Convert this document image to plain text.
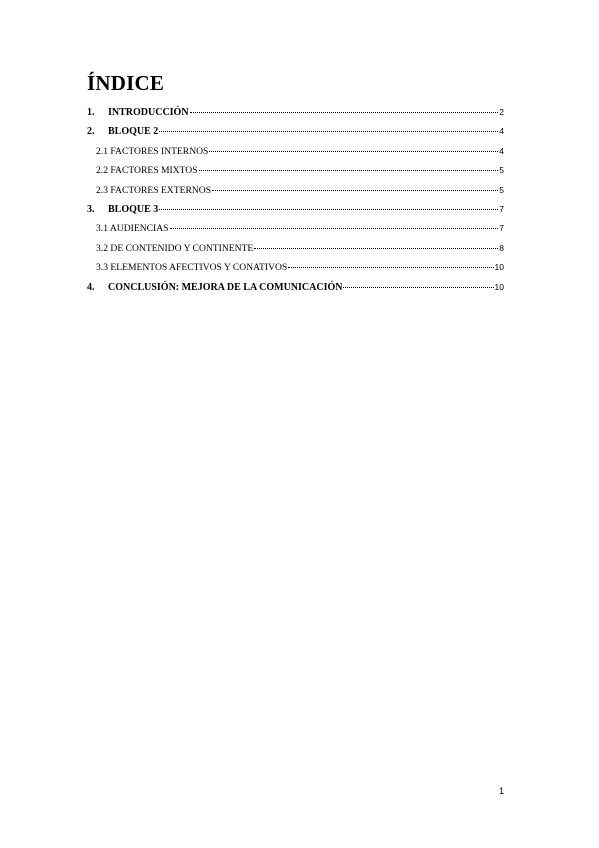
ÍNDICE
1.	INTRODUCCIÓN	2
2.	BLOQUE 2	4
2.1 FACTORES INTERNOS	4
2.2 FACTORES MIXTOS	5
2.3 FACTORES EXTERNOS	5
3.	BLOQUE 3	7
3.1 AUDIENCIAS	7
3.2 DE CONTENIDO Y CONTINENTE	8
3.3 ELEMENTOS AFECTIVOS Y CONATIVOS	10
4.	CONCLUSIÓN: MEJORA DE LA COMUNICACIÓN	10
1
